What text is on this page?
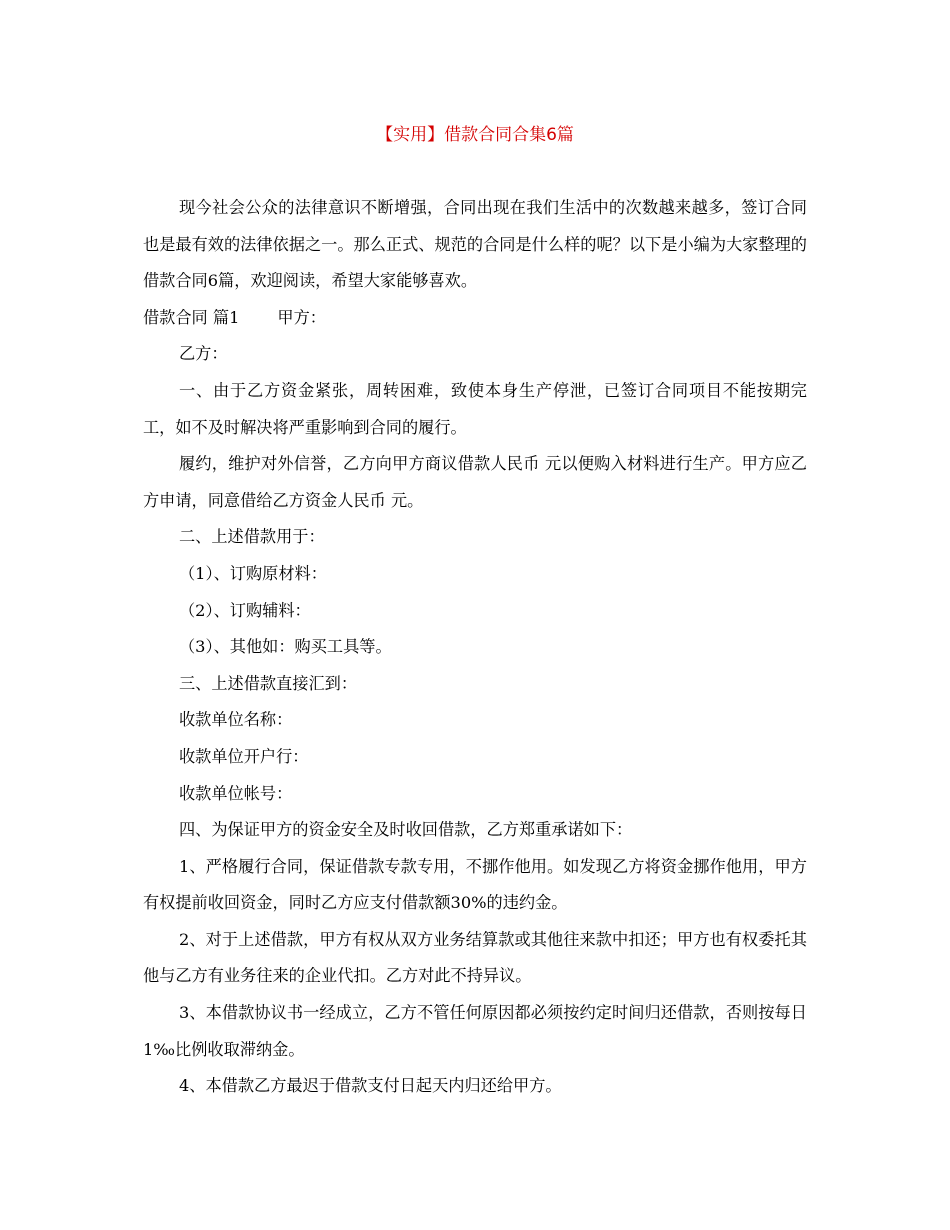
【实用】借款合同合集6篇

现今社会公众的法律意识不断增强，合同出现在我们生活中的次数越来越多，签订合同也是最有效的法律依据之一。那么正式、规范的合同是什么样的呢？以下是小编为大家整理的借款合同6篇，欢迎阅读，希望大家能够喜欢。

借款合同 篇1 甲方：

乙方：

一、由于乙方资金紧张，周转困难，致使本身生产停泄，已签订合同项目不能按期完工，如不及时解决将严重影响到合同的履行。

履约，维护对外信誉，乙方向甲方商议借款人民币 元以便购入材料进行生产。甲方应乙方申请，同意借给乙方资金人民币 元。

二、上述借款用于：

（1）、订购原材料：

（2）、订购辅料：

（3）、其他如：购买工具等。

三、上述借款直接汇到：

收款单位名称：

收款单位开户行：

收款单位帐号：

四、为保证甲方的资金安全及时收回借款，乙方郑重承诺如下：

1、严格履行合同，保证借款专款专用，不挪作他用。如发现乙方将资金挪作他用，甲方有权提前收回资金，同时乙方应支付借款额30%的违约金。

2、对于上述借款，甲方有权从双方业务结算款或其他往来款中扣还；甲方也有权委托其他与乙方有业务往来的企业代扣。乙方对此不持异议。

3、本借款协议书一经成立，乙方不管任何原因都必须按约定时间归还借款，否则按每日1‰比例收取滞纳金。

4、本借款乙方最迟于借款支付日起天内归还给甲方。
